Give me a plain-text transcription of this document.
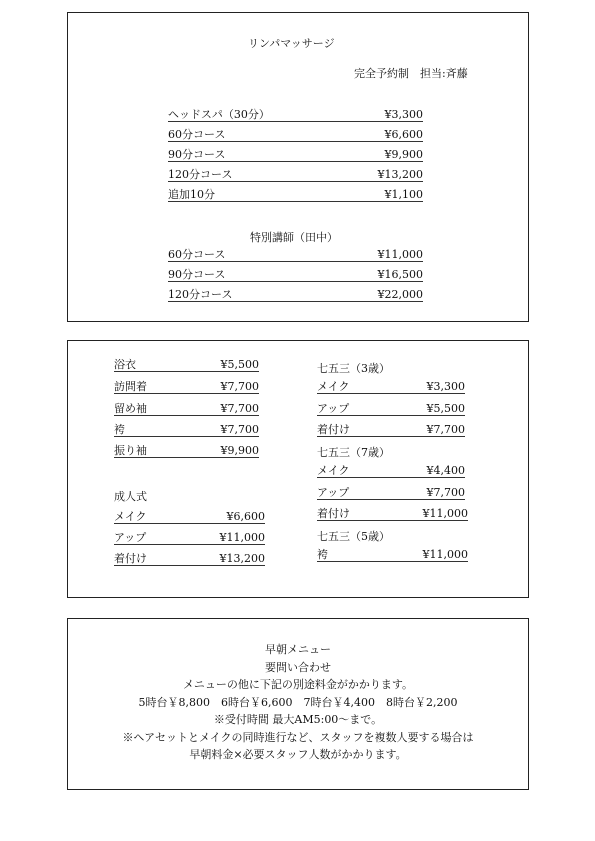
リンパマッサージ
完全予約制　担当:斉藤
ヘッドスパ（30分）	¥3,300
60分コース	¥6,600
90分コース	¥9,900
120分コース	¥13,200
追加10分	¥1,100
特別講師（田中）
60分コース	¥11,000
90分コース	¥16,500
120分コース	¥22,000
浴衣	¥5,500
訪問着	¥7,700
留め袖	¥7,700
袴	¥7,700
振り袖	¥9,900
成人式
メイク	¥6,600
アップ	¥11,000
着付け	¥13,200
七五三（3歳）
メイク	¥3,300
アップ	¥5,500
着付け	¥7,700
七五三（7歳）
メイク	¥4,400
アップ	¥7,700
着付け	¥11,000
七五三（5歳）
袴	¥11,000
早朝メニュー
要問い合わせ
メニューの他に下記の別途料金がかかります。
5時台￥8,800　6時台￥6,600　7時台￥4,400　8時台￥2,200
※受付時間 最大AM5:00～まで。
※ヘアセットとメイクの同時進行など、スタッフを複数人要する場合は
早朝料金×必要スタッフ人数がかかります。
